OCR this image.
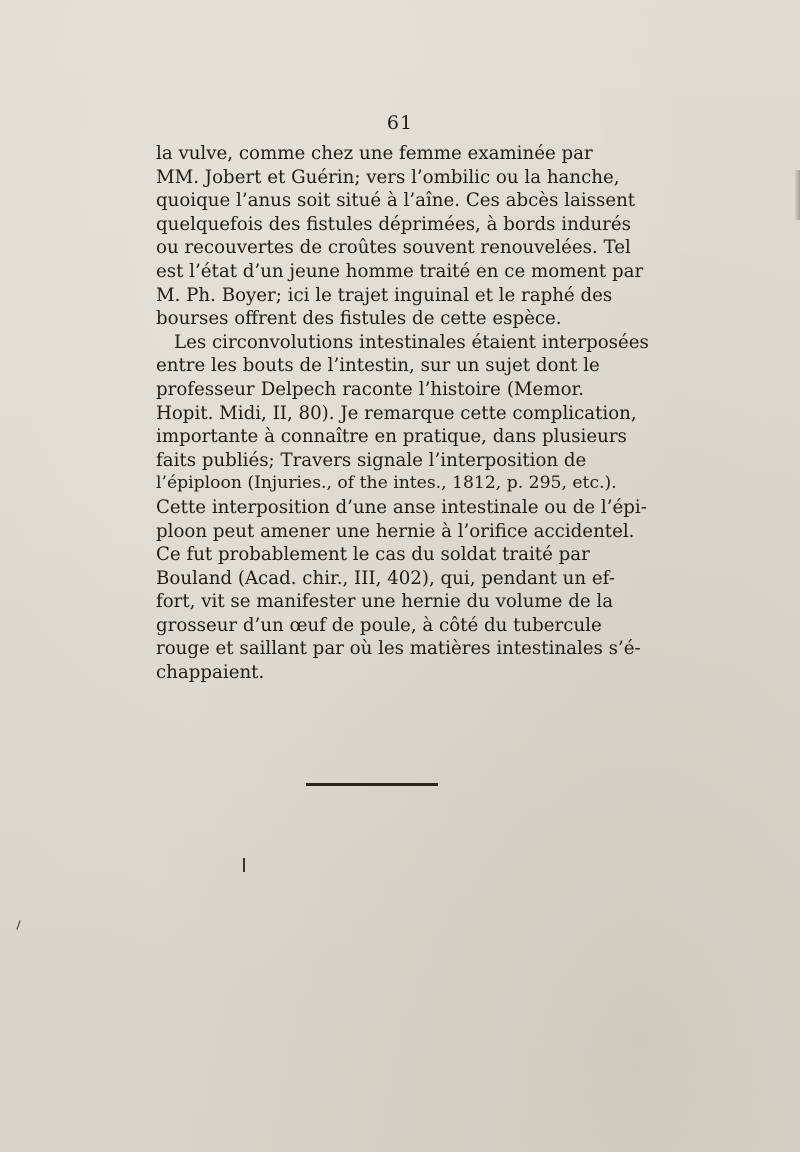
61
la vulve, comme chez une femme examinée par
MM. Jobert et Guérin; vers l’ombilic ou la hanche,
quoique l’anus soit situé à l’aîne. Ces abcès laissent
quelquefois des fistules déprimées, à bords indurés
ou recouvertes de croûtes souvent renouvelées. Tel
est l’état d’un jeune homme traité en ce moment par
M. Ph. Boyer; ici le trajet inguinal et le raphé des
bourses offrent des fistules de cette espèce.
Les circonvolutions intestinales étaient interposées
entre les bouts de l’intestin, sur un sujet dont le
professeur Delpech raconte l’histoire (Memor.
Hopit. Midi, II, 80). Je remarque cette complication,
importante à connaître en pratique, dans plusieurs
faits publiés; Travers signale l’interposition de
l’épiploon (Injuries., of the intes., 1812, p. 295, etc.).
Cette interposition d’une anse intestinale ou de l’épi-
ploon peut amener une hernie à l’orifice accidentel.
Ce fut probablement le cas du soldat traité par
Bouland (Acad. chir., III, 402), qui, pendant un ef-
fort, vit se manifester une hernie du volume de la
grosseur d’un œuf de poule, à côté du tubercule
rouge et saillant par où les matières intestinales s’é-
chappaient.
